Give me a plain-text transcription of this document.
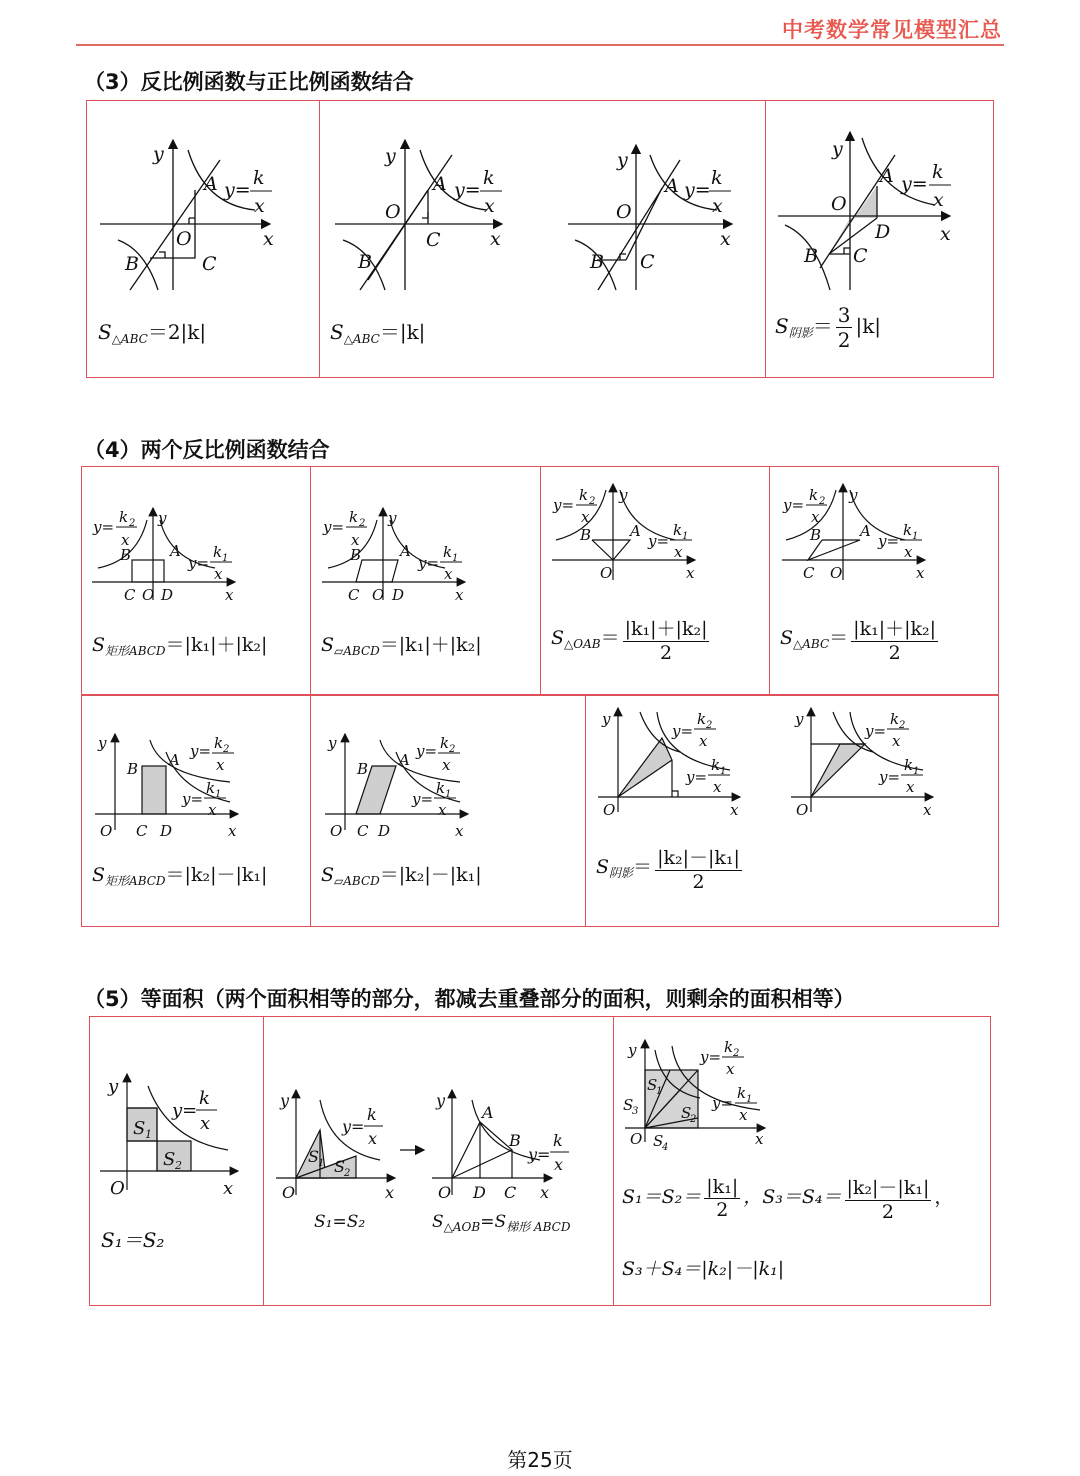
中考数学常见模型汇总
（3）反比例函数与正比例函数结合
y
x
A
O
B	C
y=
k
x
y
x
A
O
B
C
y=
k
x
y
x
A
O
B C
y=
k
x
y
x
A
O
B C
D
y=
k
x
y=
k 2
x
y
x
B	A
y=
k 1
x
C O D
y=
k 2
x
y
x
B	A
y=
k 1
x
C O D
y=
k 2
x
y
x
B	A
y=
k 1
x
O
y=
k 2
x
y
x
B	A
y=
k 1
x
C O
y
x
B A y= k 2
x
y=
k 1
x
O C D
y
x
B A y= k 2
x
y=
k 1
x
O C D
y
x
O
y=
k 2
x
y=
k 1
x
y
x
O
y=
k 2
x
y=
k 1
x
y
x
O
S 1
S 2
y=
k
x
y
x
O
S 1 S 2
y=
k
x
y
x
O
A
B
D C
y=
k
x
y
x
O
S
1
S
3	S
2
S
4
y=
k 2
x
y=
k 1
x
$S_{\triangle ABC}=2|k|$	$S_{\triangle ABC}=|k|$	$S_{阴影}= \frac{3}{2} |k|$
（4）两个反比例函数结合
$S_{矩形ABCD}=|k_1|+|k_2|$	$S_{▱ABCD}=|k_1|+|k_2|$	$S_{\triangle OAB}= \frac{\text{|k₁|＋|k₂|}}{2}$	$S_{\triangle ABC}= \frac{\text{|k₁|＋|k₂|}}{2}$
$S_{矩形ABCD}=|k_2|-|k_1|$	$S_{▱ABCD}=|k_2|-|k_1|$	$S_{阴影}= \frac{\text{|k₂|－|k₁|}}{2}$
（5）等面积（两个面积相等的部分，都减去重叠部分的面积，则剩余的面积相等）
S₁＝S₂
S₁=S₂	$S_{\triangle AOB}=S_{梯形 ABCD}$
$S_1=S_2= \frac{\text{|k₁|}}{2}$ ，$S_3=S_4= \frac{\text{|k₂|－|k₁|}}{2}$ ，
S₃＋S₄＝|k₂|－|k₁|
第25页
